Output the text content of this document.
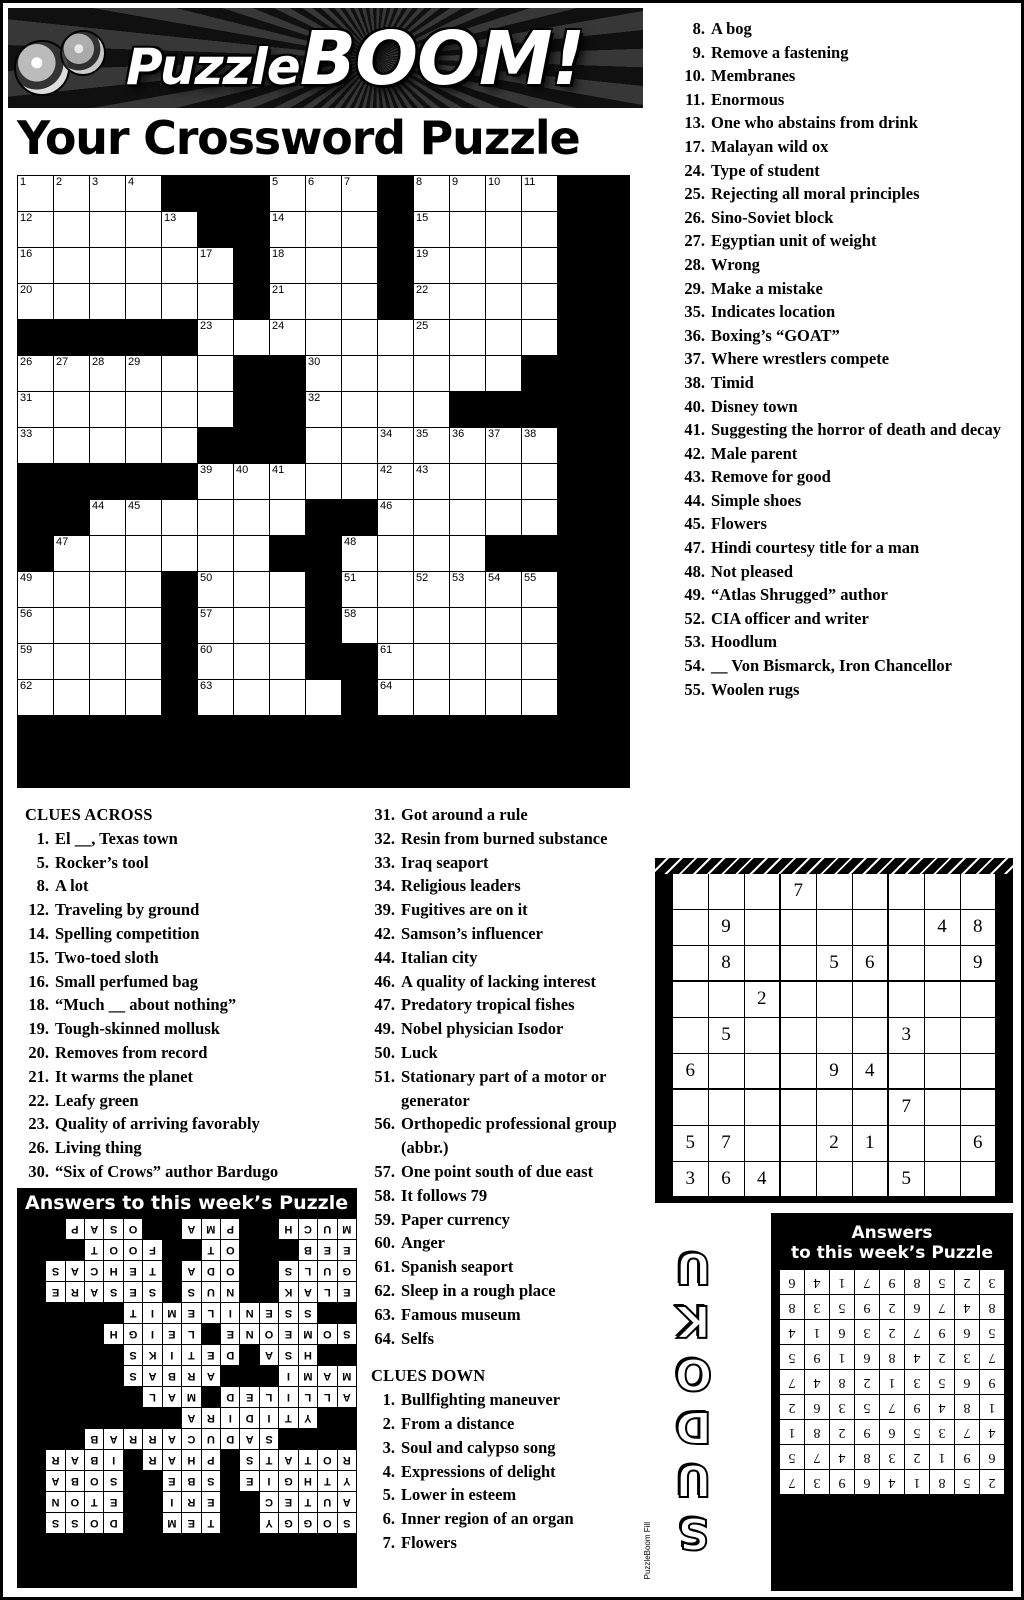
PuzzleBOOM!
Your Crossword Puzzle
1	2	3	4				5	6	7		8	9	10	11		

12				13			14				15					

16					17		18				19					

20							21				22					

					23		24				25					

26	27	28	29					30								

31								32								

33										34	35	36	37	38		

					39	40	41			42	43					

		44	45							46						

	47								48							

49					50				51		52	53	54	55		

56					57				58							

59					60					61						

62					63					64						

8. A bog
9. Remove a fastening
10. Membranes
11. Enormous
13. One who abstains from drink
17. Malayan wild ox
24. Type of student
25. Rejecting all moral principles
26. Sino-Soviet block
27. Egyptian unit of weight
28. Wrong
29. Make a mistake
35. Indicates location
36. Boxing’s “GOAT”
37. Where wrestlers compete
38. Timid
40. Disney town
41. Suggesting the horror of death and decay
42. Male parent
43. Remove for good
44. Simple shoes
45. Flowers
47. Hindi courtesy title for a man
48. Not pleased
49. “Atlas Shrugged” author
52. CIA officer and writer
53. Hoodlum
54. __ Von Bismarck, Iron Chancellor
55. Woolen rugs
CLUES ACROSS
1. El __, Texas town
5. Rocker’s tool
8. A lot
12. Traveling by ground
14. Spelling competition
15. Two-toed sloth
16. Small perfumed bag
18. “Much __ about nothing”
19. Tough-skinned mollusk
20. Removes from record
21. It warms the planet
22. Leafy green
23. Quality of arriving favorably
26. Living thing
30. “Six of Crows” author Bardugo
31. Got around a rule
32. Resin from burned substance
33. Iraq seaport
34. Religious leaders
39. Fugitives are on it
42. Samson’s influencer
44. Italian city
46. A quality of lacking interest
47. Predatory tropical fishes
49. Nobel physician Isodor
50. Luck
51. Stationary part of a motor or generator
56. Orthopedic professional group (abbr.)
57. One point south of due east
58. It follows 79
59. Paper currency
60. Anger
61. Spanish seaport
62. Sleep in a rough place
63. Famous museum
64. Selfs
CLUES DOWN
1. Bullfighting maneuver
2. From a distance
3. Soul and calypso song
4. Expressions of delight
5. Lower in esteem
6. Inner region of an organ
7. Flowers
Answers to this week’s Puzzle
S	O	G	G	Y			T	E	M			D	O	S	S	
A	U	T	E	C			E	R	I			E	T	O	N	
Y	T	H	G	I	E		S	B	E			S	O	B	A	
R	O	T	A	T	S		P	H	A	R		I	B	A	R	
				S	A	D	U	C	A	R	R	A	B			
		Y	T	I	D	I	R	A								
A	L	L	I	L	E	D		M	A	L						
M	A	M	I				A	R	B	A	S					
		H	S	A		D	E	T	I	K	S					
S	O	M	E	O	N	E		L	E	I	G	H				
		S	S	E	N	I	L	E	M	I	T					
E	L	A	K			N	U	S		S	E	S	A	R	E	
G	U	L	S			O	D	A		T	E	H	C	A	S	
E	E	B				O	T			F	O	O	T			
M	U	C	H			P	M	A			O	S	A	P		
			7					
	9						4	8
	8			5	6			9
		2						
	5					3		
6				9	4			
						7		
5	7			2	1			6
3	6	4				5		
Answers
to this week’s Puzzle
2	5	8	1	4	6	9	3	7
6	9	1	2	3	8	4	7	5
4	7	3	5	6	9	2	8	1
1	8	4	9	7	5	3	6	2
9	6	5	3	1	2	8	4	7
7	3	2	4	8	6	1	9	5
5	6	9	7	2	3	6	1	4
8	4	7	6	2	9	5	3	8
3	2	5	8	9	7	1	4	6
SUDOKU
odno=391282
PuzzleBoom Fill
